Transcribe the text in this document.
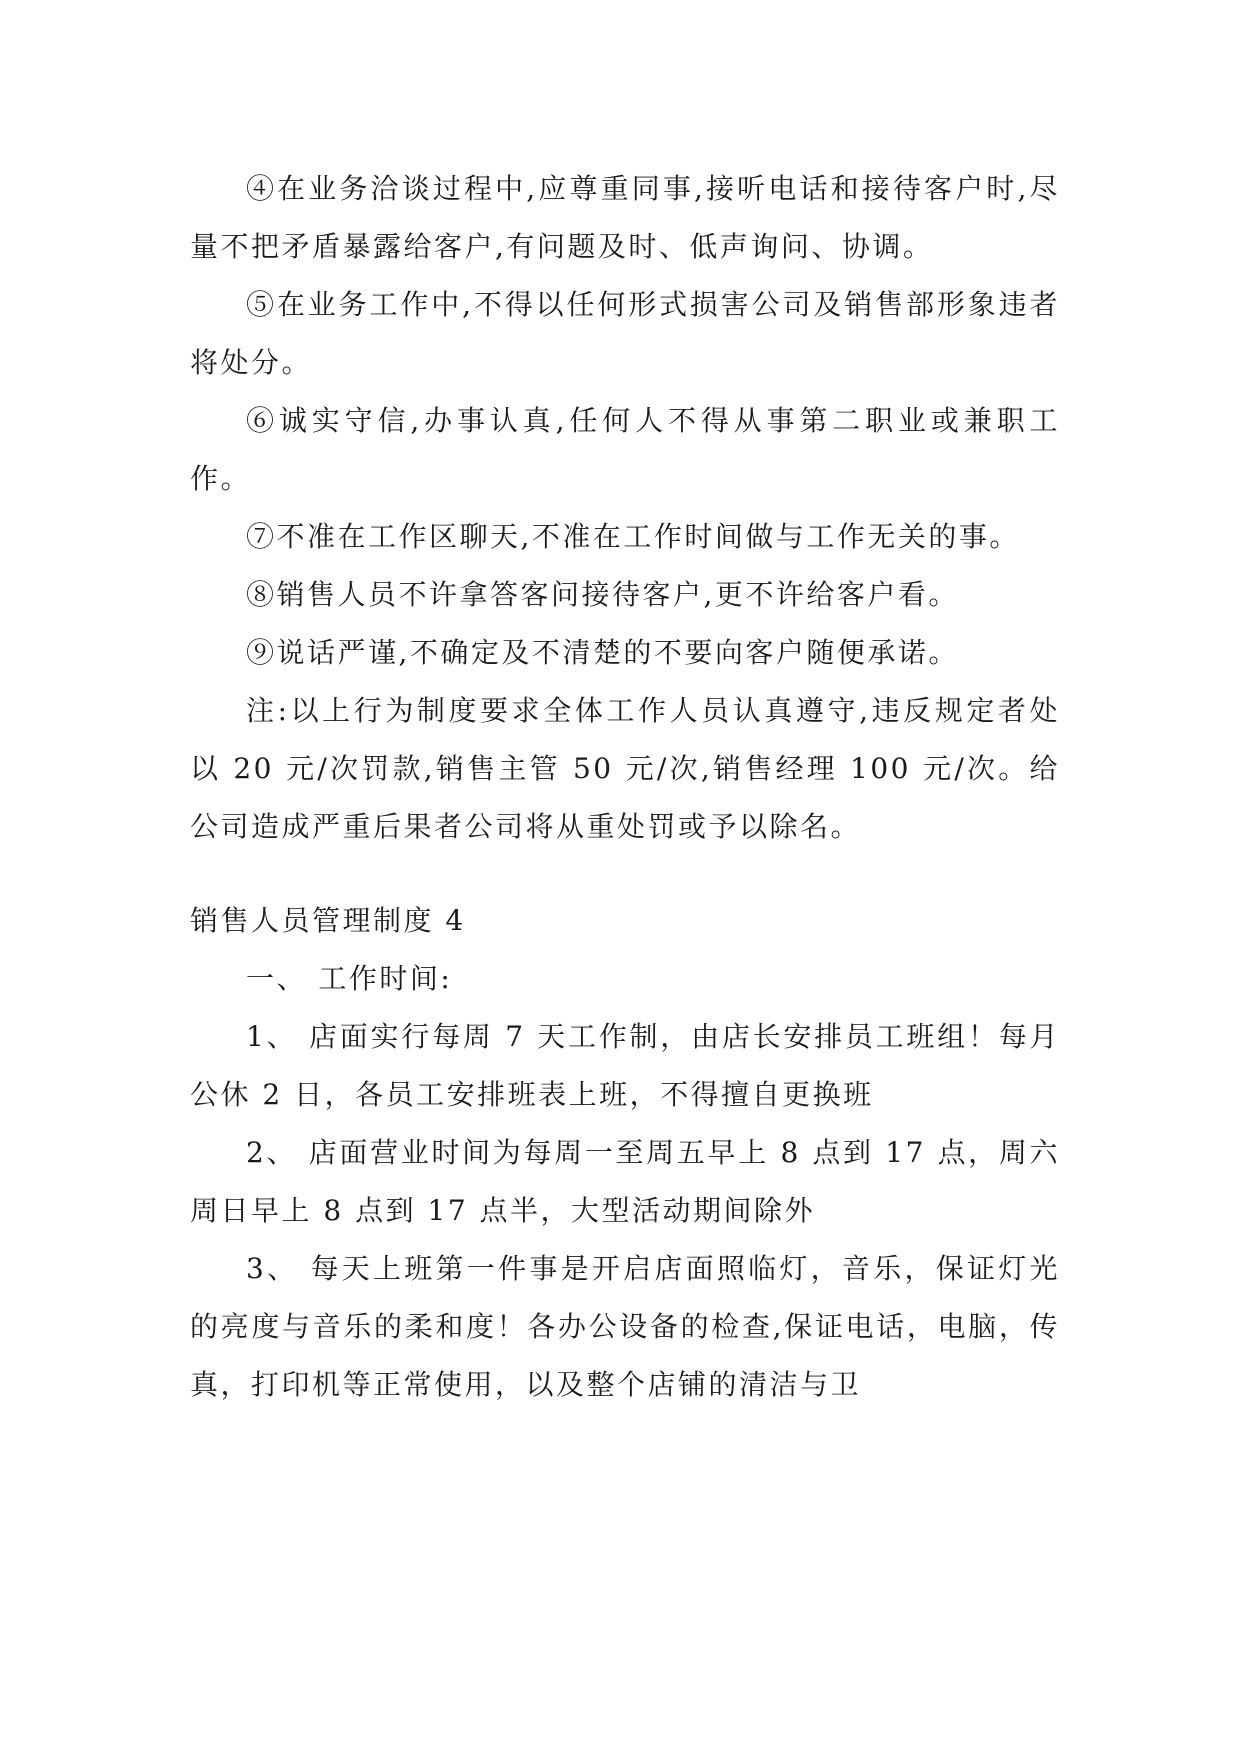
④在业务洽谈过程中,应尊重同事,接听电话和接待客户时,尽量不把矛盾暴露给客户,有问题及时、低声询问、协调。

⑤在业务工作中,不得以任何形式损害公司及销售部形象违者将处分。

⑥诚实守信,办事认真,任何人不得从事第二职业或兼职工作。

⑦不准在工作区聊天,不准在工作时间做与工作无关的事。

⑧销售人员不许拿答客问接待客户,更不许给客户看。

⑨说话严谨,不确定及不清楚的不要向客户随便承诺。

注:以上行为制度要求全体工作人员认真遵守,违反规定者处以 20 元/次罚款,销售主管 50 元/次,销售经理 100 元/次。给公司造成严重后果者公司将从重处罚或予以除名。

销售人员管理制度 4

一、 工作时间:

1、 店面实行每周 7 天工作制，由店长安排员工班组！每月公休 2 日，各员工安排班表上班，不得擅自更换班

2、 店面营业时间为每周一至周五早上 8 点到 17 点，周六周日早上 8 点到 17 点半，大型活动期间除外

3、 每天上班第一件事是开启店面照临灯，音乐，保证灯光的亮度与音乐的柔和度！各办公设备的检查,保证电话，电脑，传真，打印机等正常使用，以及整个店铺的清洁与卫
